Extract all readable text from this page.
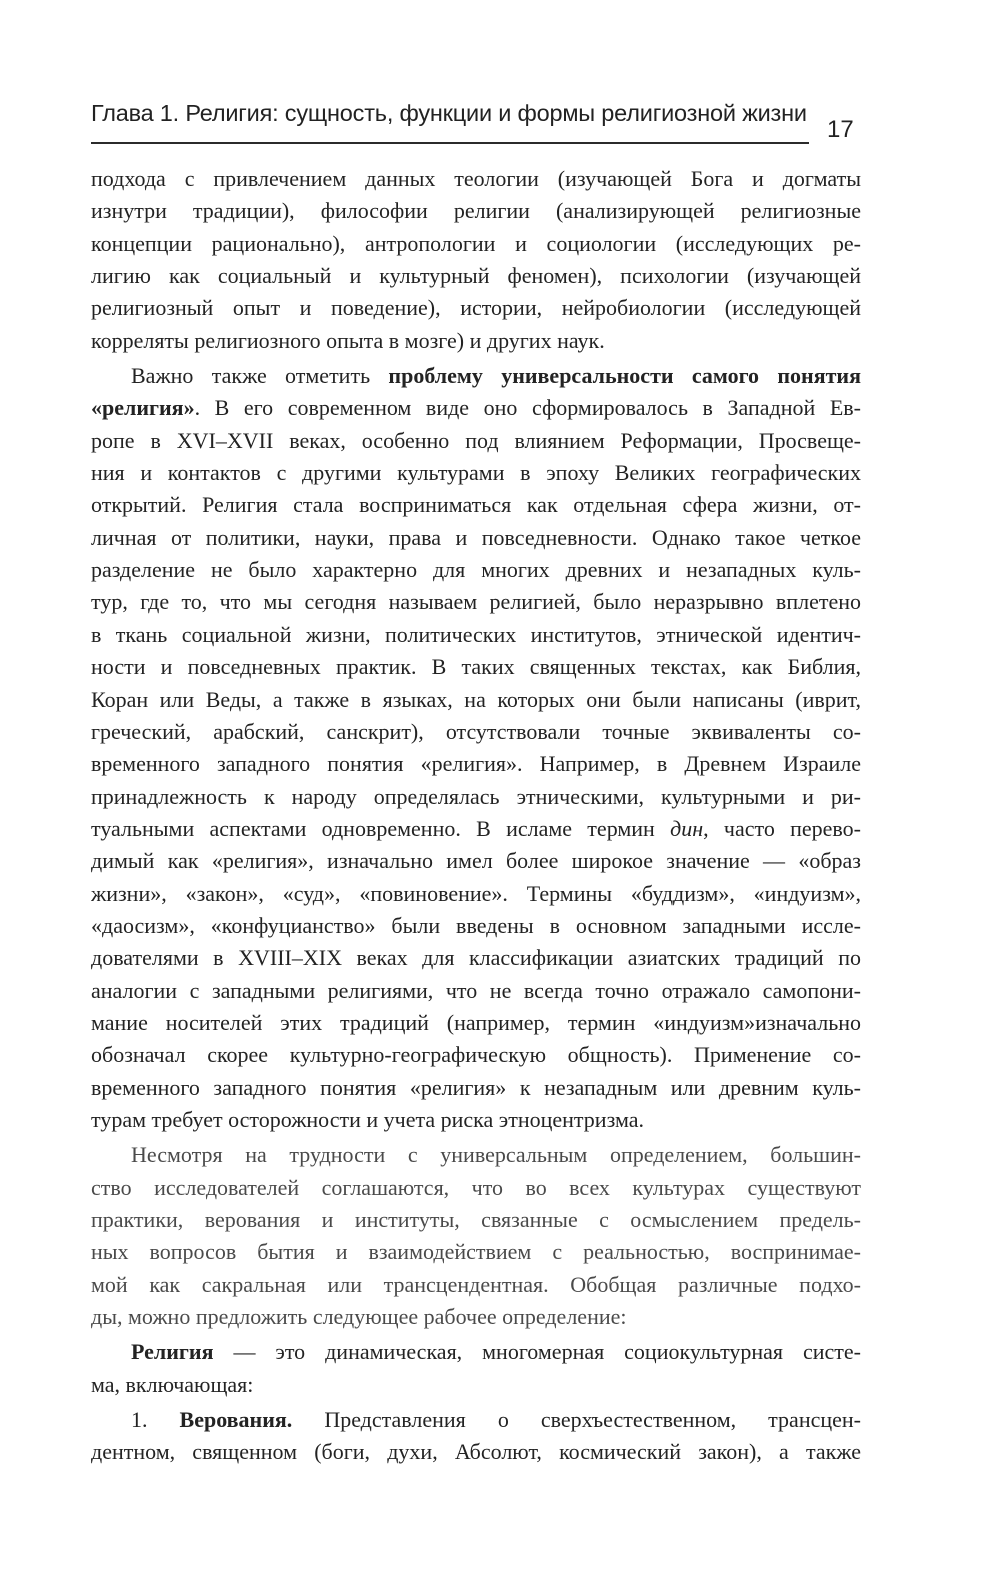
Глава 1. Религия: сущность, функции и формы религиозной жизни
17
подхода с привлечением данных теологии (изучающей Бога и догматы
изнутри традиции), философии религии (анализирующей религиозные
концепции рационально), антропологии и социологии (исследующих ре-
лигию как социальный и культурный феномен), психологии (изучающей
религиозный опыт и поведение), истории, нейробиологии (исследующей
корреляты религиозного опыта в мозге) и других наук.
Важно также отметить проблему универсальности самого понятия
«религия». В его современном виде оно сформировалось в Западной Ев-
ропе в XVI–XVII веках, особенно под влиянием Реформации, Просвеще-
ния и контактов с другими культурами в эпоху Великих географических
открытий. Религия стала восприниматься как отдельная сфера жизни, от-
личная от политики, науки, права и повседневности. Однако такое четкое
разделение не было характерно для многих древних и незападных куль-
тур, где то, что мы сегодня называем религией, было неразрывно вплетено
в ткань социальной жизни, политических институтов, этнической идентич-
ности и повседневных практик. В таких священных текстах, как Библия,
Коран или Веды, а также в языках, на которых они были написаны (иврит,
греческий, арабский, санскрит), отсутствовали точные эквиваленты со-
временного западного понятия «религия». Например, в Древнем Израиле
принадлежность к народу определялась этническими, культурными и ри-
туальными аспектами одновременно. В исламе термин дин, часто перево-
димый как «религия», изначально имел более широкое значение — «образ
жизни», «закон», «суд», «повиновение». Термины «буддизм», «индуизм»,
«даосизм», «конфуцианство» были введены в основном западными иссле-
дователями в XVIII–XIX веках для классификации азиатских традиций по
аналогии с западными религиями, что не всегда точно отражало самопони-
мание носителей этих традиций (например, термин «индуизм»изначально
обозначал скорее культурно-географическую общность). Применение со-
временного западного понятия «религия» к незападным или древним куль-
турам требует осторожности и учета риска этноцентризма.
Несмотря на трудности с универсальным определением, большин-
ство исследователей соглашаются, что во всех культурах существуют
практики, верования и институты, связанные с осмыслением предель-
ных вопросов бытия и взаимодействием с реальностью, воспринимае-
мой как сакральная или трансцендентная. Обобщая различные подхо-
ды, можно предложить следующее рабочее определение:
Религия — это динамическая, многомерная социокультурная систе-
ма, включающая:
1. Верования. Представления о сверхъестественном, трансцен-
дентном, священном (боги, духи, Абсолют, космический закон), а также
